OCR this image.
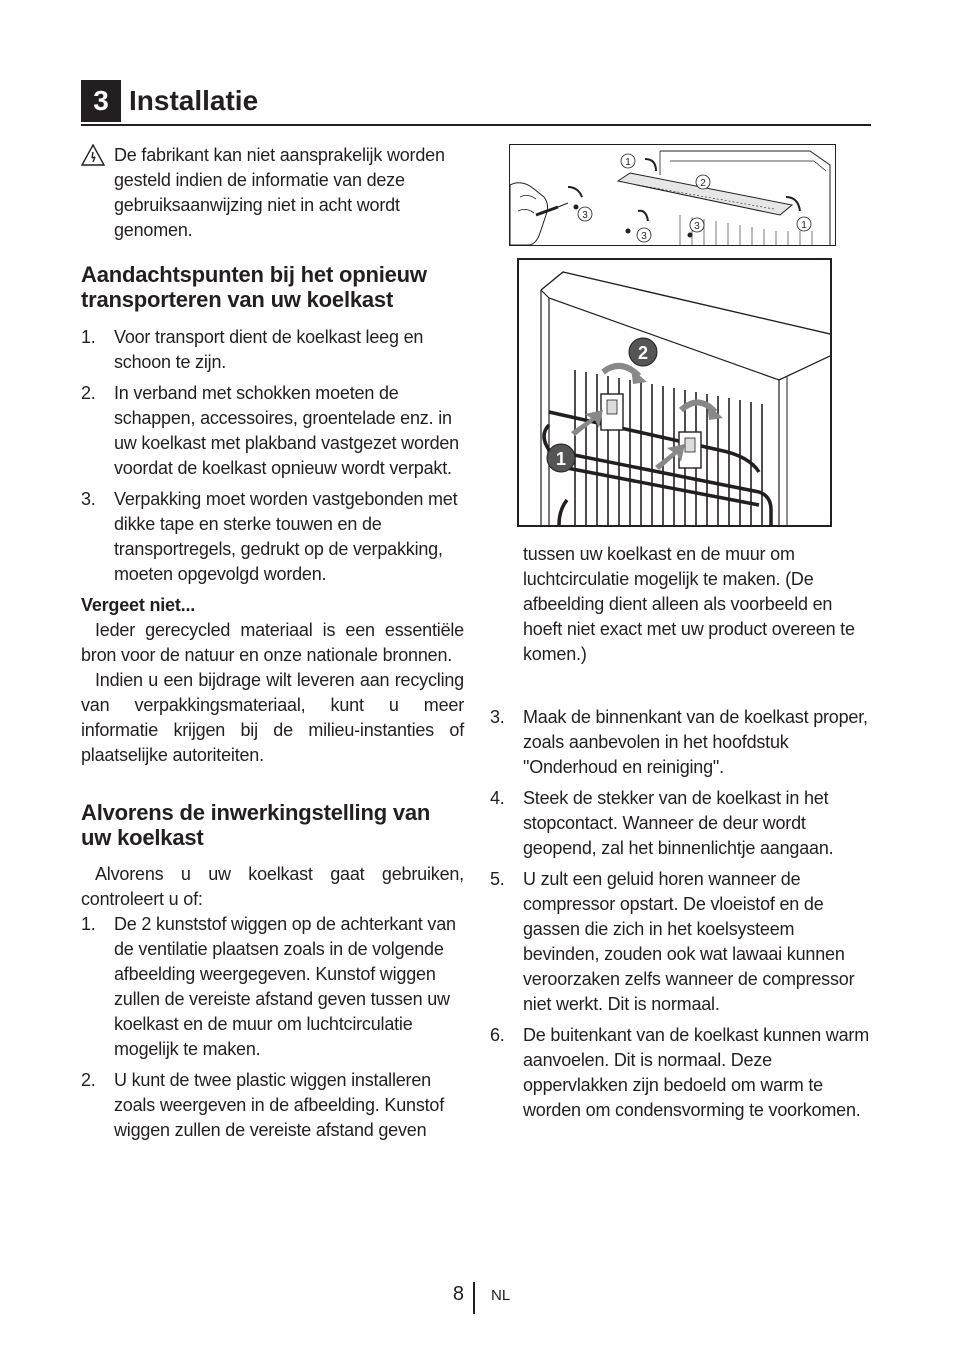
3 Installatie
De fabrikant kan niet aansprakelijk worden gesteld indien de informatie van deze gebruiksaanwijzing niet in acht wordt genomen.
Aandachtspunten bij het opnieuw transporteren van uw koelkast
1. Voor transport dient de koelkast leeg en schoon te zijn.
2. In verband met schokken moeten de schappen, accessoires, groentelade enz. in uw koelkast met plakband vastgezet worden voordat de koelkast opnieuw wordt verpakt.
3. Verpakking moet worden vastgebonden met dikke tape en sterke touwen en de transportregels, gedrukt op de verpakking, moeten opgevolgd worden.

Vergeet niet...

Ieder gerecycled materiaal is een essentiële bron voor de natuur en onze nationale bronnen.

Indien u een bijdrage wilt leveren aan recycling van verpakkingsmateriaal, kunt u meer informatie krijgen bij de milieu-instanties of plaatselijke autoriteiten.

Alvorens de inwerkingstelling van uw koelkast

Alvorens u uw koelkast gaat gebruiken, controleert u of:

1. De 2 kunststof wiggen op de achterkant van de ventilatie plaatsen zoals in de volgende afbeelding weergegeven. Kunstof wiggen zullen de vereiste afstand geven tussen uw koelkast en de muur om luchtcirculatie mogelijk te maken.
2. U kunt de twee plastic wiggen installeren zoals weergeven in de afbeelding. Kunstof wiggen zullen de vereiste afstand geven
1
2
3
3
3	1
2
1

tussen uw koelkast en de muur om luchtcirculatie mogelijk te maken. (De afbeelding dient alleen als voorbeeld en hoeft niet exact met uw product overeen te komen.)

3. Maak de binnenkant van de koelkast proper, zoals aanbevolen in het hoofdstuk "Onderhoud en reiniging".
4. Steek de stekker van de koelkast in het stopcontact. Wanneer de deur wordt geopend, zal het binnenlichtje aangaan.
5. U zult een geluid horen wanneer de compressor opstart. De vloeistof en de gassen die zich in het koelsysteem bevinden, zouden ook wat lawaai kunnen veroorzaken zelfs wanneer de compressor niet werkt. Dit is normaal.
6. De buitenkant van de koelkast kunnen warm aanvoelen. Dit is normaal. Deze oppervlakken zijn bedoeld om warm te worden om condensvorming te voorkomen.
8 NL
